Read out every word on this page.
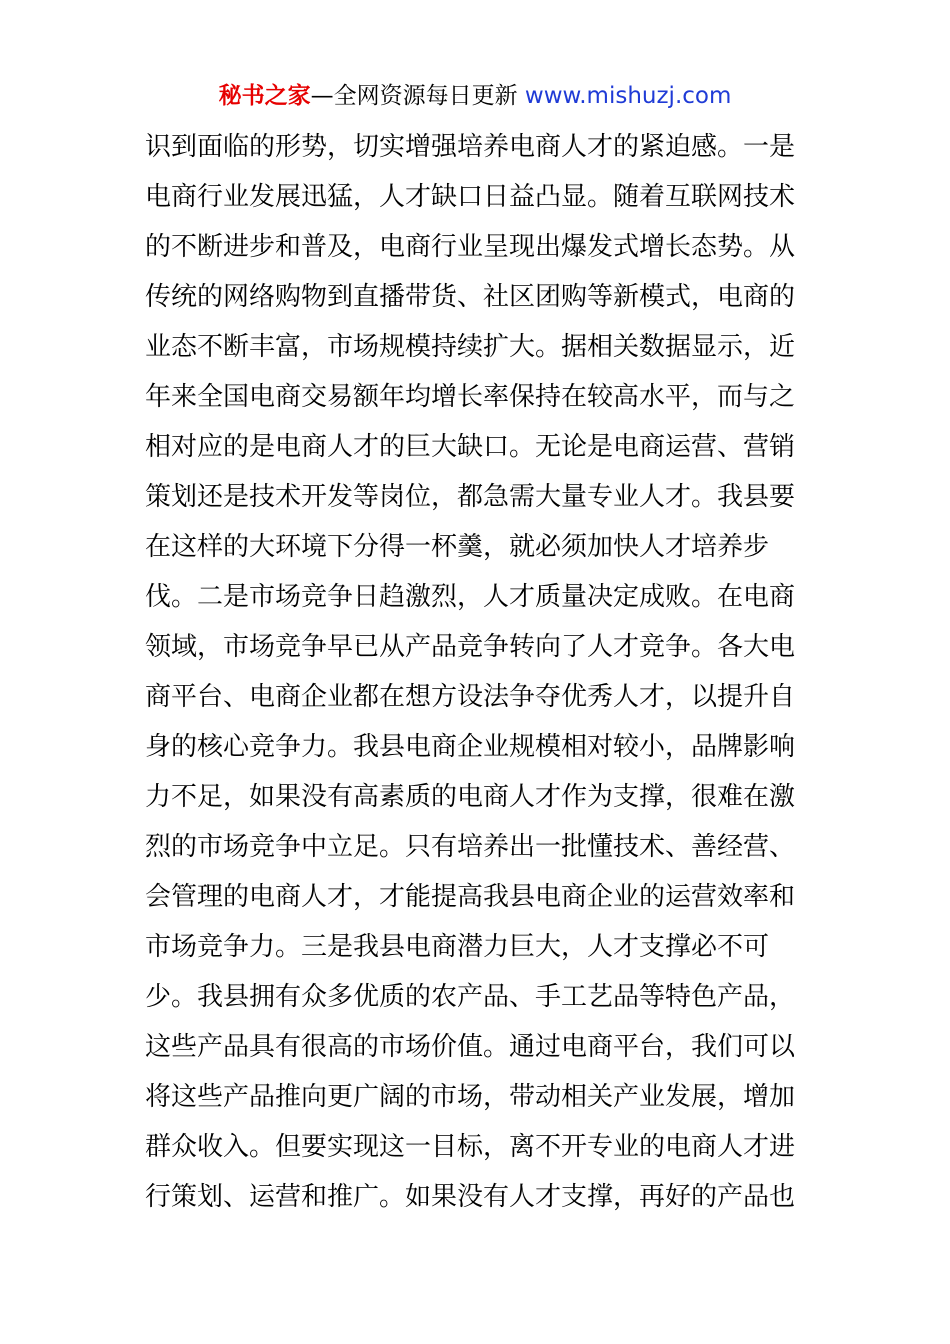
秘书之家—全网资源每日更新 www.mishuzj.com
识到面临的形势，切实增强培养电商人才的紧迫感。一是
电商行业发展迅猛，人才缺口日益凸显。随着互联网技术
的不断进步和普及，电商行业呈现出爆发式增长态势。从
传统的网络购物到直播带货、社区团购等新模式，电商的
业态不断丰富，市场规模持续扩大。据相关数据显示，近
年来全国电商交易额年均增长率保持在较高水平，而与之
相对应的是电商人才的巨大缺口。无论是电商运营、营销
策划还是技术开发等岗位，都急需大量专业人才。我县要
在这样的大环境下分得一杯羹，就必须加快人才培养步
伐。二是市场竞争日趋激烈，人才质量决定成败。在电商
领域，市场竞争早已从产品竞争转向了人才竞争。各大电
商平台、电商企业都在想方设法争夺优秀人才，以提升自
身的核心竞争力。我县电商企业规模相对较小，品牌影响
力不足，如果没有高素质的电商人才作为支撑，很难在激
烈的市场竞争中立足。只有培养出一批懂技术、善经营、
会管理的电商人才，才能提高我县电商企业的运营效率和
市场竞争力。三是我县电商潜力巨大，人才支撑必不可
少。我县拥有众多优质的农产品、手工艺品等特色产品，
这些产品具有很高的市场价值。通过电商平台，我们可以
将这些产品推向更广阔的市场，带动相关产业发展，增加
群众收入。但要实现这一目标，离不开专业的电商人才进
行策划、运营和推广。如果没有人才支撑，再好的产品也
